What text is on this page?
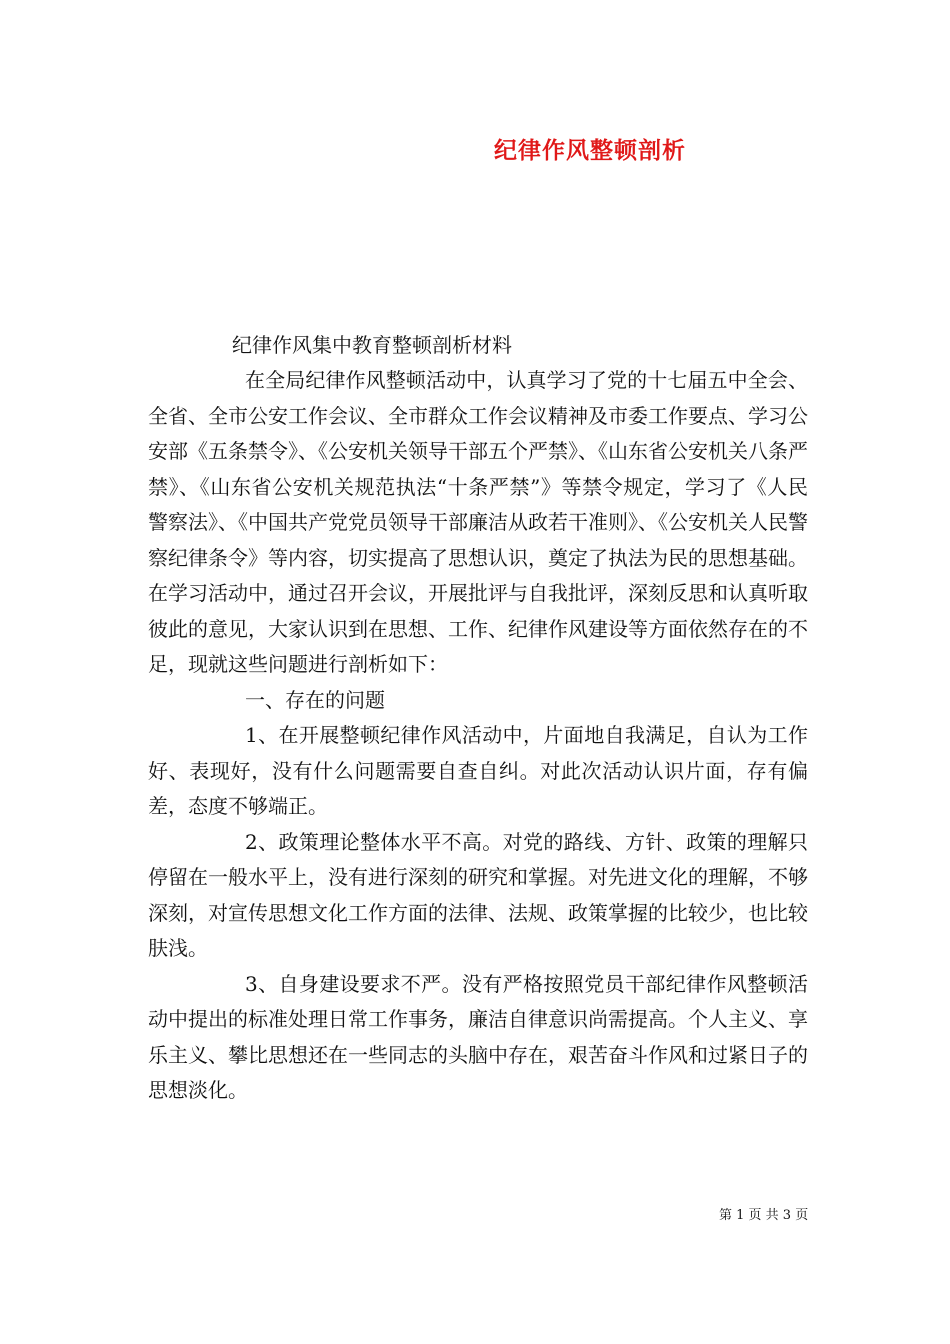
纪律作风整顿剖析
纪律作风集中教育整顿剖析材料

在全局纪律作风整顿活动中，认真学习了党的十七届五中全会、全省、全市公安工作会议、全市群众工作会议精神及市委工作要点、学习公安部《五条禁令》、《公安机关领导干部五个严禁》、《山东省公安机关八条严禁》、《山东省公安机关规范执法“十条严禁”》等禁令规定，学习了《人民警察法》、《中国共产党党员领导干部廉洁从政若干准则》、《公安机关人民警察纪律条令》等内容，切实提高了思想认识，奠定了执法为民的思想基础。在学习活动中，通过召开会议，开展批评与自我批评，深刻反思和认真听取彼此的意见，大家认识到在思想、工作、纪律作风建设等方面依然存在的不足，现就这些问题进行剖析如下：

一、存在的问题

1、在开展整顿纪律作风活动中，片面地自我满足，自认为工作好、表现好，没有什么问题需要自查自纠。对此次活动认识片面，存有偏差，态度不够端正。

2、政策理论整体水平不高。对党的路线、方针、政策的理解只停留在一般水平上，没有进行深刻的研究和掌握。对先进文化的理解，不够深刻，对宣传思想文化工作方面的法律、法规、政策掌握的比较少，也比较肤浅。

3、自身建设要求不严。没有严格按照党员干部纪律作风整顿活动中提出的标准处理日常工作事务，廉洁自律意识尚需提高。个人主义、享乐主义、攀比思想还在一些同志的头脑中存在，艰苦奋斗作风和过紧日子的思想淡化。

第 1 页 共 3 页
